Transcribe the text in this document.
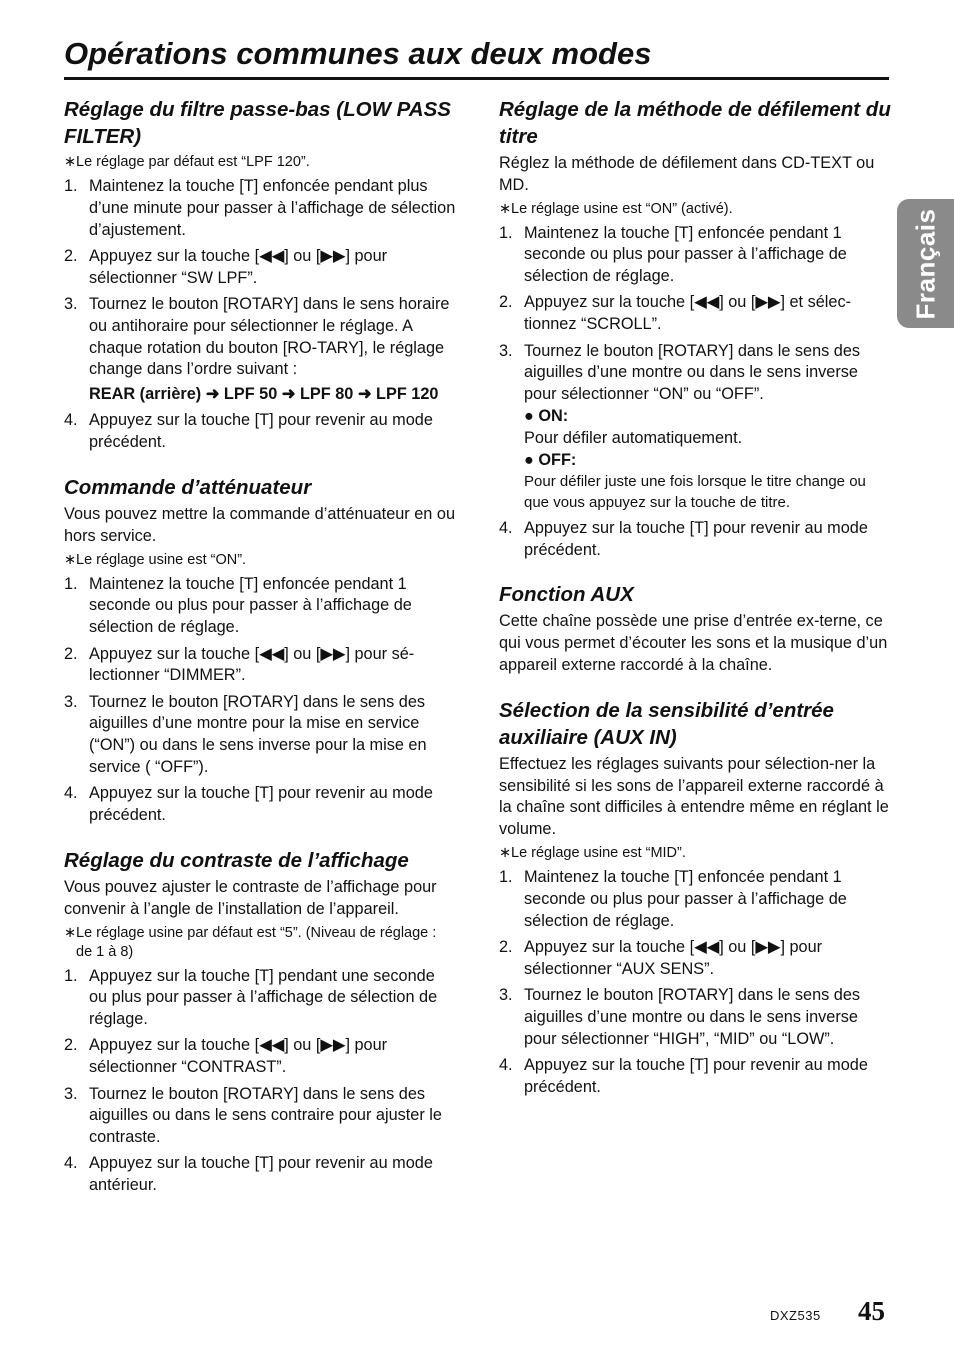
Opérations communes aux deux modes
Français
Réglage du filtre passe-bas (LOW PASS FILTER)

∗ Le réglage par défaut est “LPF 120”.

1. Maintenez la touche [T] enfoncée pendant plus d’une minute pour passer à l’affichage de sélection d’ajustement.
2. Appuyez sur la touche [◀◀] ou [▶▶] pour sélectionner “SW LPF”.
3. Tournez le bouton [ROTARY] dans le sens horaire ou antihoraire pour sélectionner le réglage. A chaque rotation du bouton [RO-TARY], le réglage change dans l’ordre suivant :
REAR (arrière) ➜ LPF 50 ➜ LPF 80 ➜ LPF 120
4. Appuyez sur la touche [T] pour revenir au mode précédent.
Commande d’atténuateur

Vous pouvez mettre la commande d’atténuateur en ou hors service.

∗ Le réglage usine est “ON”.

1. Maintenez la touche [T] enfoncée pendant 1 seconde ou plus pour passer à l’affichage de sélection de réglage.
2. Appuyez sur la touche [◀◀] ou [▶▶] pour sé-lectionner “DIMMER”.
3. Tournez le bouton [ROTARY] dans le sens des aiguilles d’une montre pour la mise en service (“ON”) ou dans le sens inverse pour la mise en service ( “OFF”).
4. Appuyez sur la touche [T] pour revenir au mode précédent.
Réglage du contraste de l’affichage

Vous pouvez ajuster le contraste de l’affichage pour convenir à l’angle de l’installation de l’appareil.

∗ Le réglage usine par défaut est “5”. (Niveau de réglage : de 1 à 8)

1. Appuyez sur la touche [T] pendant une seconde ou plus pour passer à l’affichage de sélection de réglage.
2. Appuyez sur la touche [◀◀] ou [▶▶] pour sélectionner “CONTRAST”.
3. Tournez le bouton [ROTARY] dans le sens des aiguilles ou dans le sens contraire pour ajuster le contraste.
4. Appuyez sur la touche [T] pour revenir au mode antérieur.
Réglage de la méthode de défilement du titre

Réglez la méthode de défilement dans CD-TEXT ou MD.

∗ Le réglage usine est “ON” (activé).

1. Maintenez la touche [T] enfoncée pendant 1 seconde ou plus pour passer à l’affichage de sélection de réglage.
2. Appuyez sur la touche [◀◀] ou [▶▶] et sélec-tionnez “SCROLL”.
3. Tournez le bouton [ROTARY] dans le sens des aiguilles d’une montre ou dans le sens inverse pour sélectionner “ON” ou “OFF”.
● ON:
Pour défiler automatiquement.
● OFF:
Pour défiler juste une fois lorsque le titre change ou que vous appuyez sur la touche de titre.
4. Appuyez sur la touche [T] pour revenir au mode précédent.
Fonction AUX

Cette chaîne possède une prise d’entrée ex-terne, ce qui vous permet d’écouter les sons et la musique d’un appareil externe raccordé à la chaîne.

Sélection de la sensibilité d’entrée auxiliaire (AUX IN)

Effectuez les réglages suivants pour sélection-ner la sensibilité si les sons de l’appareil externe raccordé à la chaîne sont difficiles à entendre même en réglant le volume.

∗ Le réglage usine est “MID”.

1. Maintenez la touche [T] enfoncée pendant 1 seconde ou plus pour passer à l’affichage de sélection de réglage.
2. Appuyez sur la touche [◀◀] ou [▶▶] pour sélectionner “AUX SENS”.
3. Tournez le bouton [ROTARY] dans le sens des aiguilles d’une montre ou dans le sens inverse pour sélectionner “HIGH”, “MID” ou “LOW”.
4. Appuyez sur la touche [T] pour revenir au mode précédent.
DXZ535 45
